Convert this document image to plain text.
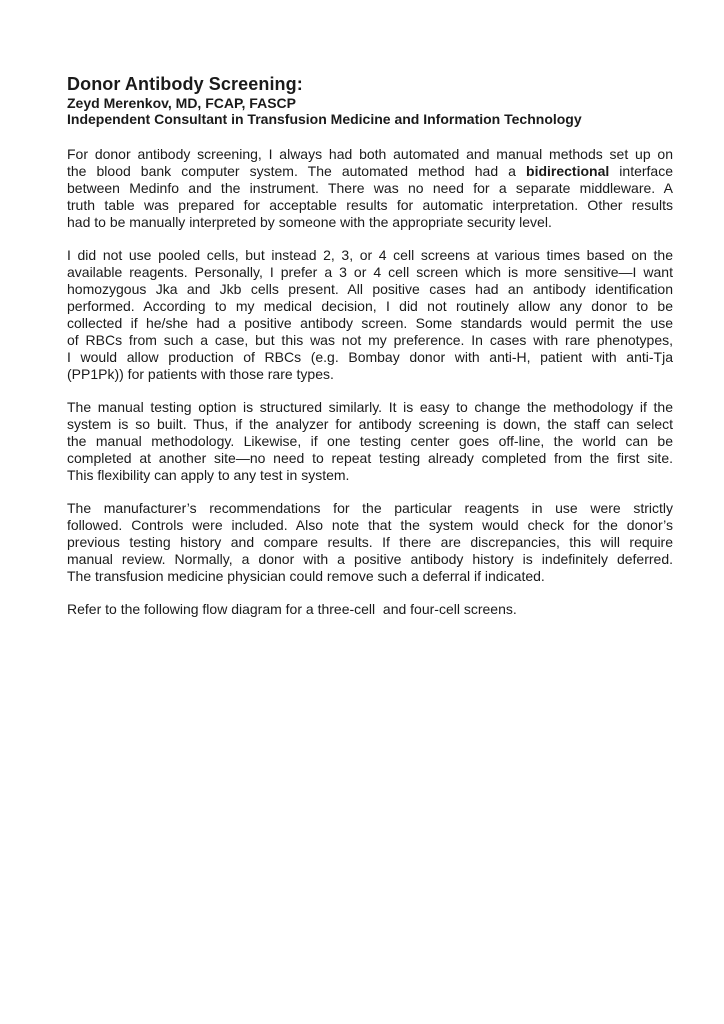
Donor Antibody Screening:
Zeyd Merenkov, MD, FCAP, FASCP
Independent Consultant in Transfusion Medicine and Information Technology
For donor antibody screening, I always had both automated and manual methods set up on
the blood bank computer system. The automated method had a bidirectional interface
between Medinfo and the instrument. There was no need for a separate middleware. A
truth table was prepared for acceptable results for automatic interpretation. Other results
had to be manually interpreted by someone with the appropriate security level.
I did not use pooled cells, but instead 2, 3, or 4 cell screens at various times based on the
available reagents. Personally, I prefer a 3 or 4 cell screen which is more sensitive—I want
homozygous Jka and Jkb cells present. All positive cases had an antibody identification
performed. According to my medical decision, I did not routinely allow any donor to be
collected if he/she had a positive antibody screen. Some standards would permit the use
of RBCs from such a case, but this was not my preference. In cases with rare phenotypes,
I would allow production of RBCs (e.g. Bombay donor with anti-H, patient with anti-Tja
(PP1Pk)) for patients with those rare types.
The manual testing option is structured similarly. It is easy to change the methodology if the
system is so built. Thus, if the analyzer for antibody screening is down, the staff can select
the manual methodology. Likewise, if one testing center goes off-line, the world can be
completed at another site—no need to repeat testing already completed from the first site.
This flexibility can apply to any test in system.
The manufacturer’s recommendations for the particular reagents in use were strictly
followed. Controls were included. Also note that the system would check for the donor’s
previous testing history and compare results. If there are discrepancies, this will require
manual review. Normally, a donor with a positive antibody history is indefinitely deferred.
The transfusion medicine physician could remove such a deferral if indicated.
Refer to the following flow diagram for a three-cell  and four-cell screens.
